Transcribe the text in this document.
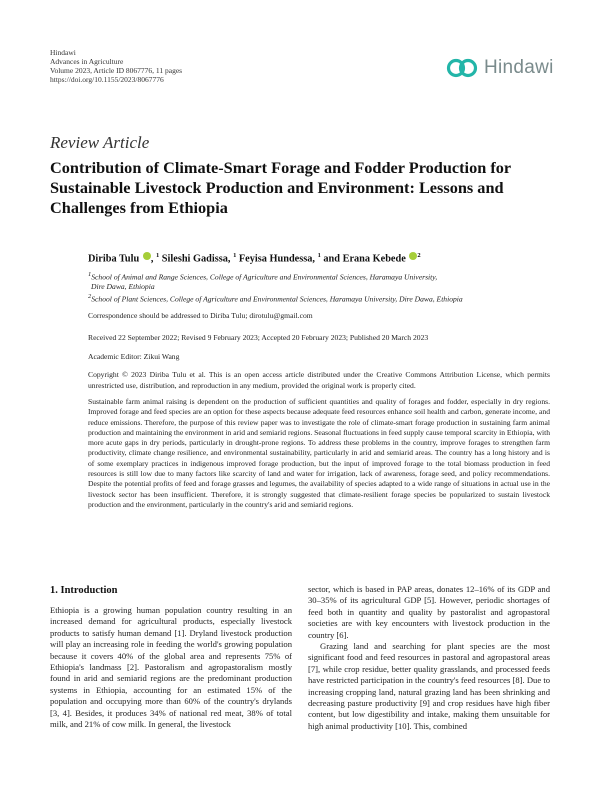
Hindawi
Advances in Agriculture
Volume 2023, Article ID 8067776, 11 pages
https://doi.org/10.1155/2023/8067776
Hindawi
Review Article
Contribution of Climate-Smart Forage and Fodder Production for Sustainable Livestock Production and Environment: Lessons and Challenges from Ethiopia
Diriba Tulu , $^1$ Sileshi Gadissa, $^1$ Feyisa Hundessa, $^1$ and Erana Kebede $^2$
$^1$School of Animal and Range Sciences, College of Agriculture and Environmental Sciences, Haramaya University,
Dire Dawa, Ethiopia
$^2$School of Plant Sciences, College of Agriculture and Environmental Sciences, Haramaya University, Dire Dawa, Ethiopia
Correspondence should be addressed to Diriba Tulu; dirotulu@gmail.com
Received 22 September 2022; Revised 9 February 2023; Accepted 20 February 2023; Published 20 March 2023
Academic Editor: Zikui Wang
Copyright © 2023 Diriba Tulu et al. This is an open access article distributed under the Creative Commons Attribution License, which permits unrestricted use, distribution, and reproduction in any medium, provided the original work is properly cited.
Sustainable farm animal raising is dependent on the production of sufficient quantities and quality of forages and fodder, especially in dry regions. Improved forage and feed species are an option for these aspects because adequate feed resources enhance soil health and carbon, generate income, and reduce emissions. Therefore, the purpose of this review paper was to investigate the role of climate-smart forage production in sustaining farm animal production and maintaining the environment in arid and semiarid regions. Seasonal fluctuations in feed supply cause temporal scarcity in Ethiopia, with more acute gaps in dry periods, particularly in drought-prone regions. To address these problems in the country, improve forages to strengthen farm productivity, climate change resilience, and environmental sustainability, particularly in arid and semiarid areas. The country has a long history and is of some exemplary practices in indigenous improved forage production, but the input of improved forage to the total biomass production in feed resources is still low due to many factors like scarcity of land and water for irrigation, lack of awareness, forage seed, and policy recommendations. Despite the potential profits of feed and forage grasses and legumes, the availability of species adapted to a wide range of situations in actual use in the livestock sector has been insufficient. Therefore, it is strongly suggested that climate-resilient forage species be popularized to sustain livestock production and the environment, particularly in the country's arid and semiarid regions.
1. Introduction

Ethiopia is a growing human population country resulting in an increased demand for agricultural products, especially livestock products to satisfy human demand [1]. Dryland livestock production will play an increasing role in feeding the world's growing population because it covers 40% of the global area and represents 75% of Ethiopia's landmass [2]. Pastoralism and agropastoralism mostly found in arid and semiarid regions are the predominant production systems in Ethiopia, accounting for an estimated 15% of the population and occupying more than 60% of the country's drylands [3, 4]. Besides, it produces 34% of national red meat, 38% of total milk, and 21% of cow milk. In general, the livestock

sector, which is based in PAP areas, donates 12–16% of its GDP and 30–35% of its agricultural GDP [5]. However, periodic shortages of feed both in quantity and quality by pastoralist and agropastoral societies are with key encounters with livestock production in the country [6].

Grazing land and searching for plant species are the most significant food and feed resources in pastoral and agropastoral areas [7], while crop residue, better quality grasslands, and processed feeds have restricted participation in the country's feed resources [8]. Due to increasing cropping land, natural grazing land has been shrinking and decreasing pasture productivity [9] and crop residues have high fiber content, but low digestibility and intake, making them unsuitable for high animal productivity [10]. This, combined
